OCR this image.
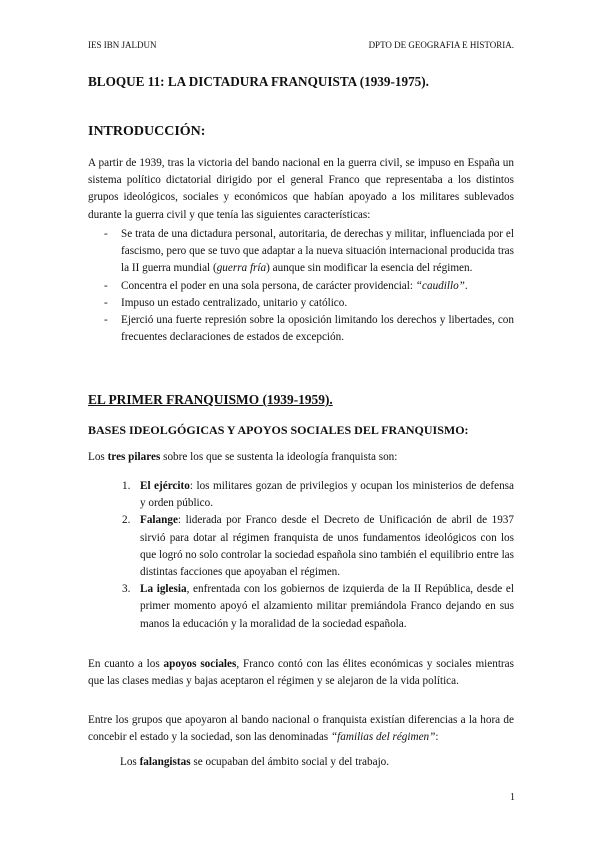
IES IBN JALDUN	DPTO DE GEOGRAFIA E HISTORIA.
BLOQUE 11: LA DICTADURA FRANQUISTA (1939-1975).
INTRODUCCIÓN:

A partir de 1939, tras la victoria del bando nacional en la guerra civil, se impuso en España un sistema político dictatorial dirigido por el general Franco que representaba a los distintos grupos ideológicos, sociales y económicos que habían apoyado a los militares sublevados durante la guerra civil y que tenía las siguientes características:

- Se trata de una dictadura personal, autoritaria, de derechas y militar, influenciada por el fascismo, pero que se tuvo que adaptar a la nueva situación internacional producida tras la II guerra mundial (guerra fría) aunque sin modificar la esencia del régimen.
- Concentra el poder en una sola persona, de carácter providencial: “caudillo”.
- Impuso un estado centralizado, unitario y católico.
- Ejerció una fuerte represión sobre la oposición limitando los derechos y libertades, con frecuentes declaraciones de estados de excepción.
EL PRIMER FRANQUISMO (1939-1959).
BASES IDEOLGÓGICAS Y APOYOS SOCIALES DEL FRANQUISMO:

Los tres pilares sobre los que se sustenta la ideología franquista son:

1. El ejército: los militares gozan de privilegios y ocupan los ministerios de defensa y orden público.
2. Falange: liderada por Franco desde el Decreto de Unificación de abril de 1937 sirvió para dotar al régimen franquista de unos fundamentos ideológicos con los que logró no solo controlar la sociedad española sino también el equilibrio entre las distintas facciones que apoyaban el régimen.
3. La iglesia, enfrentada con los gobiernos de izquierda de la II República, desde el primer momento apoyó el alzamiento militar premiándola Franco dejando en sus manos la educación y la moralidad de la sociedad española.

En cuanto a los apoyos sociales, Franco contó con las élites económicas y sociales mientras que las clases medias y bajas aceptaron el régimen y se alejaron de la vida política.

Entre los grupos que apoyaron al bando nacional o franquista existían diferencias a la hora de concebir el estado y la sociedad, son las denominadas “familias del régimen”:

Los falangistas se ocupaban del ámbito social y del trabajo.

1
